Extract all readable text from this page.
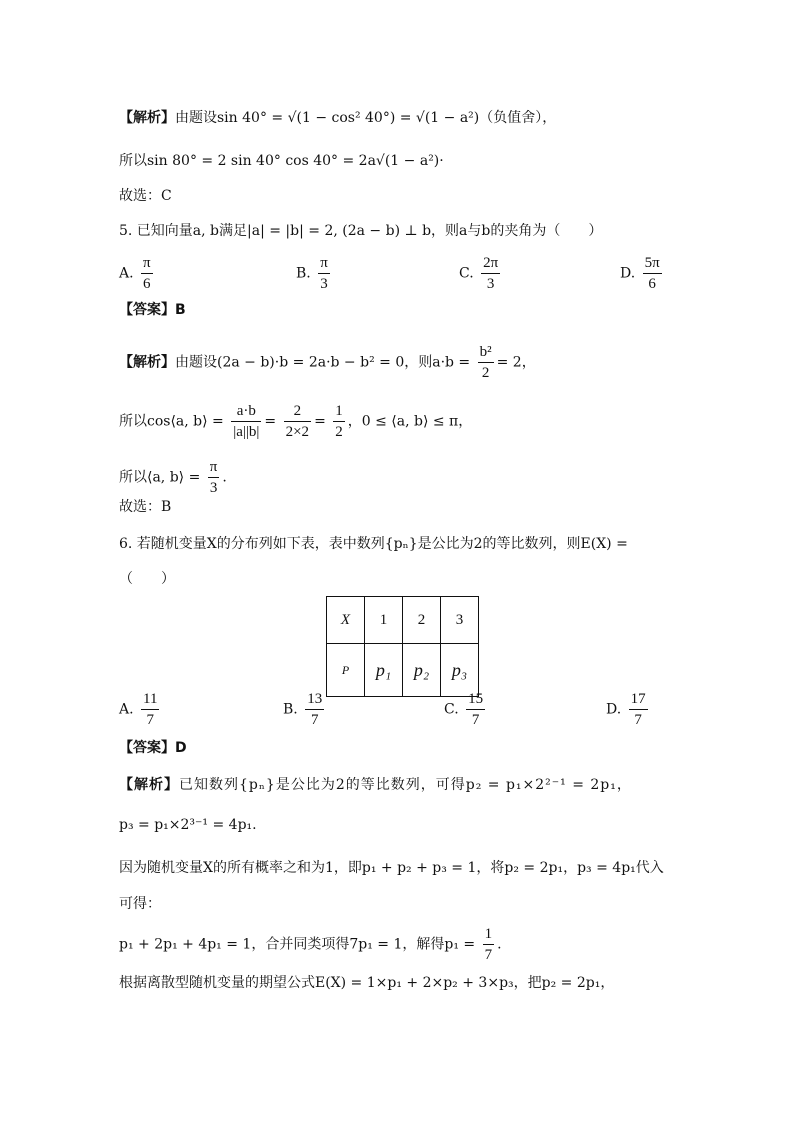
【解析】由题设sin 40° = √(1 − cos² 40°) = √(1 − a²)（负值舍），
所以sin 80° = 2 sin 40° cos 40° = 2a√(1 − a²)·
故选：C
5. 已知向量a, b满足|a| = |b| = 2, (2a − b) ⊥ b，则a与b的夹角为（　　）
A. $\frac{\pi}{6}$	B. $\frac{\pi}{3}$	C. $\frac{2\pi}{3}$	D. $\frac{5\pi}{6}$
【答案】B
【解析】由题设(2a − b)·b = 2a·b − b² = 0，则$a\cdot b = \frac{\text{b²}}{2} = 2$，
所以cos⟨a, b⟩ = $\frac{a\cdot b}{|a||b|} = \frac{2}{2\times 2} = \frac{1}{2}$ ，0 ≤ ⟨a, b⟩ ≤ π，
所以⟨a, b⟩ = $\frac{\pi}{3}$ .
故选：B
6. 若随机变量X的分布列如下表，表中数列{pₙ}是公比为2的等比数列，则E(X) =
（　　）
X	1	2	3
P	p₁	p₂	p₃
A. $\frac{11}{7}$	B. $\frac{13}{7}$	C. $\frac{15}{7}$	D. $\frac{17}{7}$
【答案】D
【解析】已知数列{pₙ}是公比为2的等比数列，可得p₂ = p₁×2²⁻¹ = 2p₁，
p₃ = p₁×2³⁻¹ = 4p₁.
因为随机变量X的所有概率之和为1，即p₁ + p₂ + p₃ = 1，将p₂ = 2p₁，p₃ = 4p₁代入
可得：
p₁ + 2p₁ + 4p₁ = 1，合并同类项得7p₁ = 1，解得$p_1 = \frac{1}{7}$ .
根据离散型随机变量的期望公式E(X) = 1×p₁ + 2×p₂ + 3×p₃，把p₂ = 2p₁，
